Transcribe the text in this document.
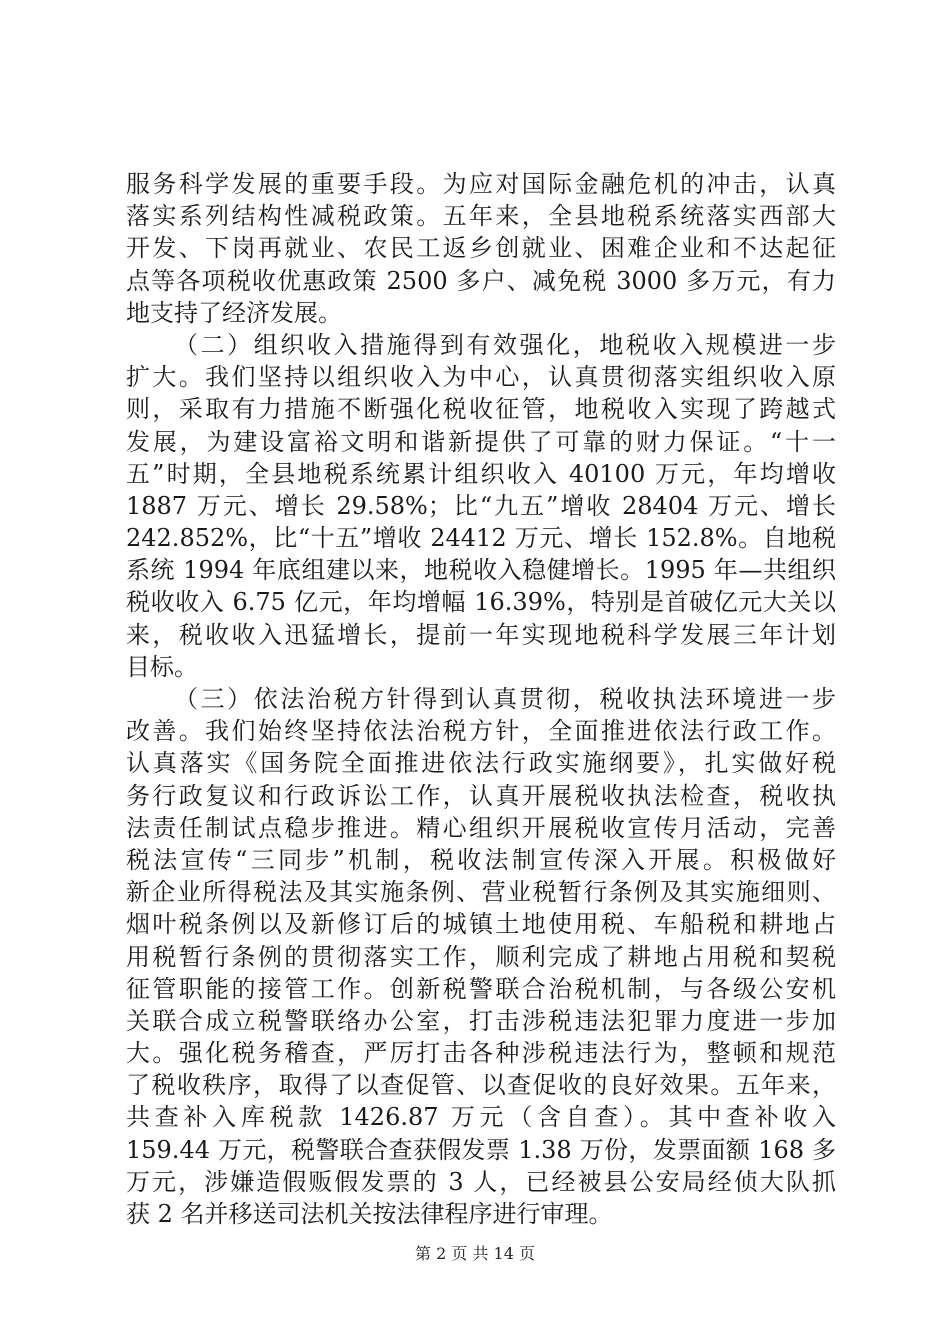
服务科学发展的重要手段。为应对国际金融危机的冲击，认真
落实系列结构性减税政策。五年来，全县地税系统落实西部大
开发、下岗再就业、农民工返乡创就业、困难企业和不达起征
点等各项税收优惠政策 2500 多户、减免税 3000 多万元，有力
地支持了经济发展。
（二）组织收入措施得到有效强化，地税收入规模进一步
扩大。我们坚持以组织收入为中心，认真贯彻落实组织收入原
则，采取有力措施不断强化税收征管，地税收入实现了跨越式
发展，为建设富裕文明和谐新提供了可靠的财力保证。“十一
五”时期，全县地税系统累计组织收入 40100 万元，年均增收
1887 万元、增长 29.58%；比“九五”增收 28404 万元、增长
242.852%，比“十五”增收 24412 万元、增长 152.8%。自地税
系统 1994 年底组建以来，地税收入稳健增长。1995 年—共组织
税收收入 6.75 亿元，年均增幅 16.39%，特别是首破亿元大关以
来，税收收入迅猛增长，提前一年实现地税科学发展三年计划
目标。
（三）依法治税方针得到认真贯彻，税收执法环境进一步
改善。我们始终坚持依法治税方针，全面推进依法行政工作。
认真落实《国务院全面推进依法行政实施纲要》，扎实做好税
务行政复议和行政诉讼工作，认真开展税收执法检查，税收执
法责任制试点稳步推进。精心组织开展税收宣传月活动，完善
税法宣传“三同步”机制，税收法制宣传深入开展。积极做好
新企业所得税法及其实施条例、营业税暂行条例及其实施细则、
烟叶税条例以及新修订后的城镇土地使用税、车船税和耕地占
用税暂行条例的贯彻落实工作，顺利完成了耕地占用税和契税
征管职能的接管工作。创新税警联合治税机制，与各级公安机
关联合成立税警联络办公室，打击涉税违法犯罪力度进一步加
大。强化税务稽查，严厉打击各种涉税违法行为，整顿和规范
了税收秩序，取得了以查促管、以查促收的良好效果。五年来，
共查补入库税款 1426.87 万元（含自查）。其中查补收入
159.44 万元，税警联合查获假发票 1.38 万份，发票面额 168 多
万元，涉嫌造假贩假发票的 3 人，已经被县公安局经侦大队抓
获 2 名并移送司法机关按法律程序进行审理。
第 2 页 共 14 页
